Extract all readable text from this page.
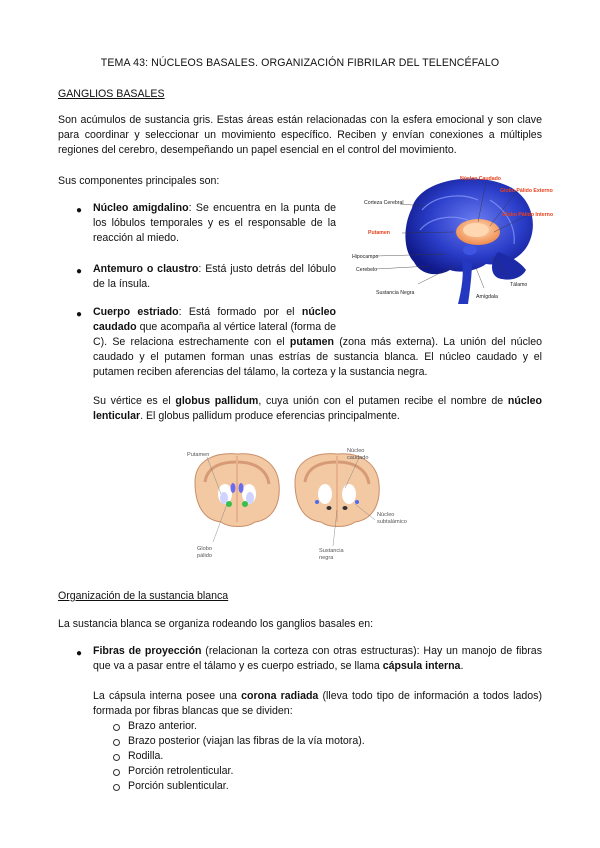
TEMA 43: NÚCLEOS BASALES. ORGANIZACIÓN FIBRILAR DEL TELENCÉFALO
GANGLIOS BASALES
Son acúmulos de sustancia gris. Estas áreas están relacionadas con la esfera emocional y son clave para coordinar y seleccionar un movimiento específico. Reciben y envían conexiones a múltiples regiones del cerebro, desempeñando un papel esencial en el control del movimiento.
Sus componentes principales son:
● Núcleo amigdalino: Se encuentra en la punta de los lóbulos temporales y es el responsable de la reacción al miedo.
● Antemuro o claustro: Está justo detrás del lóbulo de la ínsula.
● Cuerpo estriado: Está formado por el núcleo caudado que acompaña al vértice lateral (forma de C). Se relaciona estrechamente con el putamen (zona más externa). La unión del núcleo caudado y el putamen forman unas estrías de sustancia blanca. El núcleo caudado y el putamen reciben aferencias del tálamo, la corteza y la sustancia negra.
Su vértice es el globus pallidum, cuya unión con el putamen recibe el nombre de núcleo lenticular. El globus pallidum produce eferencias principalmente.
Corteza Cerebral
Putamen
Hipocampo
Cerebelo
Sustancia Negra
Amígdala
Tálamo
Núcleo Caudado
Globo Pálido Externo
Globo Pálido Interno
Putamen
Núcleo
caudado
Globo
pálido
Sustancia
negra
Núcleo
subtalámico
Organización de la sustancia blanca
La sustancia blanca se organiza rodeando los ganglios basales en:
● Fibras de proyección (relacionan la corteza con otras estructuras): Hay un manojo de fibras que va a pasar entre el tálamo y es cuerpo estriado, se llama cápsula interna.
La cápsula interna posee una corona radiada (lleva todo tipo de información a todos lados) formada por fibras blancas que se dividen:
Brazo anterior.
Brazo posterior (viajan las fibras de la vía motora).
Rodilla.
Porción retrolenticular.
Porción sublenticular.
